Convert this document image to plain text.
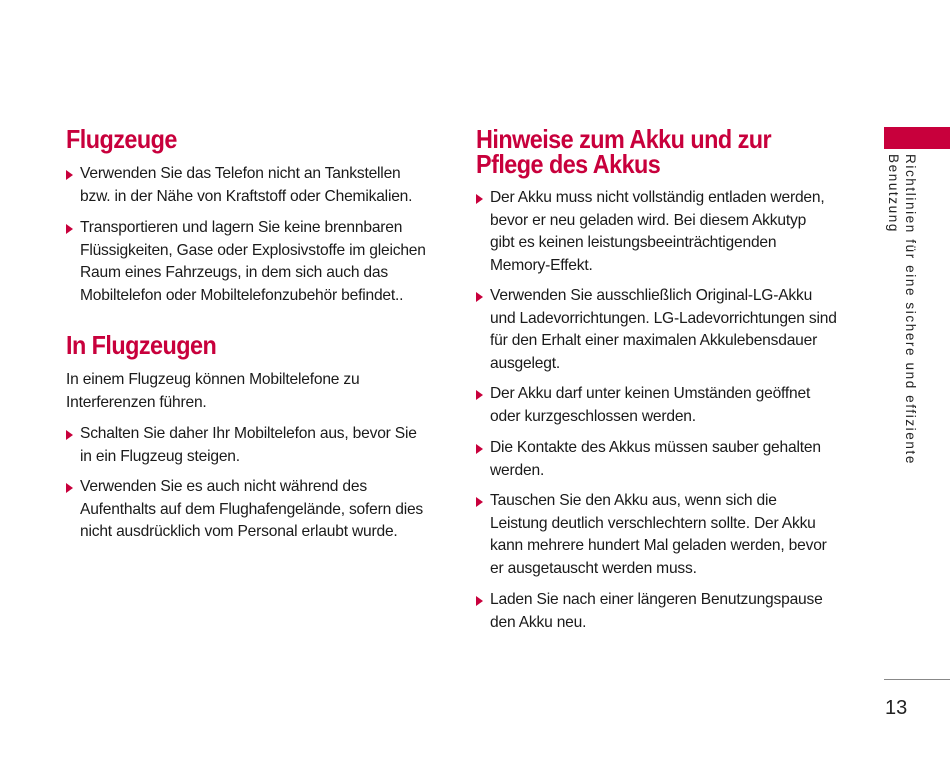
Flugzeuge
Verwenden Sie das Telefon nicht an Tankstellen
bzw. in der Nähe von Kraftstoff oder Chemikalien.
Transportieren und lagern Sie keine brennbaren
Flüssigkeiten, Gase oder Explosivstoffe im gleichen
Raum eines Fahrzeugs, in dem sich auch das
Mobiltelefon oder Mobiltelefonzubehör befindet..
In Flugzeugen
In einem Flugzeug können Mobiltelefone zu
Interferenzen führen.
Schalten Sie daher Ihr Mobiltelefon aus, bevor Sie
in ein Flugzeug steigen.
Verwenden Sie es auch nicht während des
Aufenthalts auf dem Flughafengelände, sofern dies
nicht ausdrücklich vom Personal erlaubt wurde.
Hinweise zum Akku und zur
Pflege des Akkus
Der Akku muss nicht vollständig entladen werden,
bevor er neu geladen wird. Bei diesem Akkutyp
gibt es keinen leistungsbeeinträchtigenden
Memory-Effekt.
Verwenden Sie ausschließlich Original-LG-Akku
und Ladevorrichtungen. LG-Ladevorrichtungen sind
für den Erhalt einer maximalen Akkulebensdauer
ausgelegt.
Der Akku darf unter keinen Umständen geöffnet
oder kurzgeschlossen werden.
Die Kontakte des Akkus müssen sauber gehalten
werden.
Tauschen Sie den Akku aus, wenn sich die
Leistung deutlich verschlechtern sollte. Der Akku
kann mehrere hundert Mal geladen werden, bevor
er ausgetauscht werden muss.
Laden Sie nach einer längeren Benutzungspause
den Akku neu.
Richtlinien für eine sichere und effiziente
Benutzung
13
